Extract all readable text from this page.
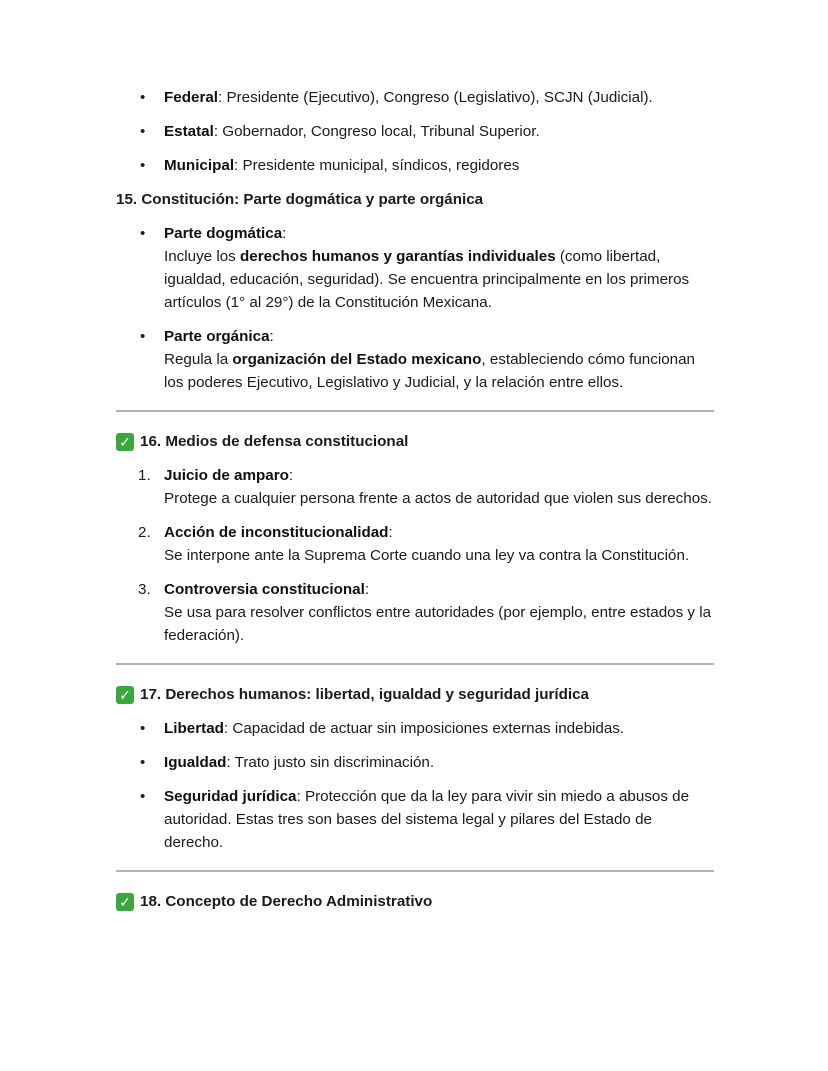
• Federal: Presidente (Ejecutivo), Congreso (Legislativo), SCJN (Judicial).
• Estatal: Gobernador, Congreso local, Tribunal Superior.
• Municipal: Presidente municipal, síndicos, regidores
15. Constitución: Parte dogmática y parte orgánica
• Parte dogmática:
Incluye los derechos humanos y garantías individuales (como libertad, igualdad, educación, seguridad). Se encuentra principalmente en los primeros artículos (1° al 29°) de la Constitución Mexicana.
• Parte orgánica:
Regula la organización del Estado mexicano, estableciendo cómo funcionan los poderes Ejecutivo, Legislativo y Judicial, y la relación entre ellos.
✓ 16. Medios de defensa constitucional
1. Juicio de amparo:
Protege a cualquier persona frente a actos de autoridad que violen sus derechos.
2. Acción de inconstitucionalidad:
Se interpone ante la Suprema Corte cuando una ley va contra la Constitución.
3. Controversia constitucional:
Se usa para resolver conflictos entre autoridades (por ejemplo, entre estados y la federación).
✓ 17. Derechos humanos: libertad, igualdad y seguridad jurídica
• Libertad: Capacidad de actuar sin imposiciones externas indebidas.
• Igualdad: Trato justo sin discriminación.
• Seguridad jurídica: Protección que da la ley para vivir sin miedo a abusos de autoridad. Estas tres son bases del sistema legal y pilares del Estado de derecho.
✓ 18. Concepto de Derecho Administrativo
